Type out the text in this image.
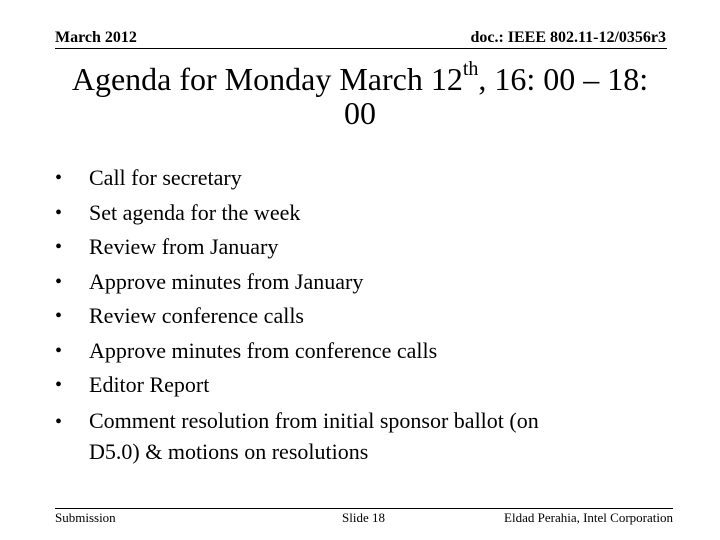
March 2012	doc.: IEEE 802.11-12/0356r3
Agenda for Monday March 12th, 16: 00 – 18: 00
•	Call for secretary
•	Set agenda for the week
•	Review from January
•	Approve minutes from January
•	Review conference calls
•	Approve minutes from conference calls
•	Editor Report
•	Comment resolution from initial sponsor ballot (on
D5.0) & motions on resolutions
Submission	Slide 18	Eldad Perahia, Intel Corporation
